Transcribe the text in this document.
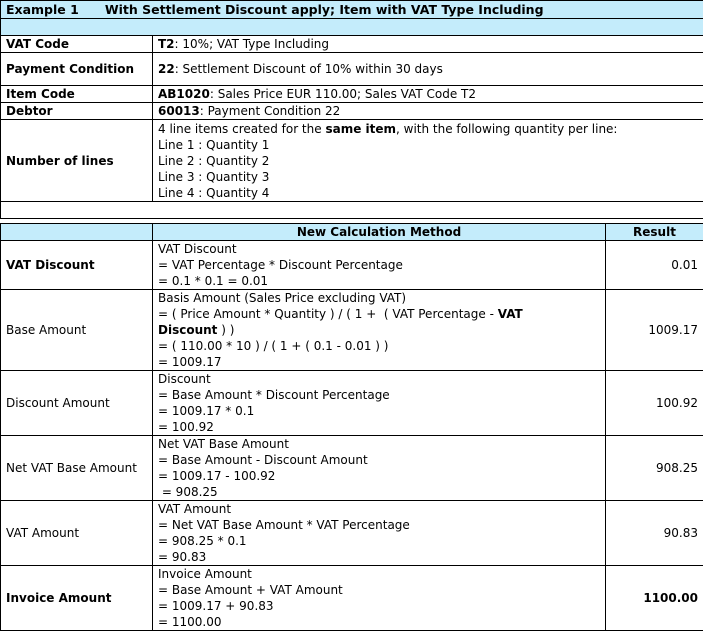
Example 1 With Settlement Discount apply; Item with VAT Type Including	

VAT Code	T2: 10%; VAT Type Including
Payment Condition	22: Settlement Discount of 10% within 30 days
Item Code	AB1020: Sales Price EUR 110.00; Sales VAT Code T2
Debtor	60013: Payment Condition 22
Number of lines	4 line items created for the same item, with the following quantity per line:
Line 1 : Quantity 1
Line 2 : Quantity 2
Line 3 : Quantity 3
Line 4 : Quantity 4

	New Calculation Method	Result
VAT Discount	VAT Discount
= VAT Percentage * Discount Percentage
= 0.1 * 0.1 = 0.01	0.01
Base Amount	Basis Amount (Sales Price excluding VAT)
= ( Price Amount * Quantity ) / ( 1 +  ( VAT Percentage - VAT
Discount ) )
= ( 110.00 * 10 ) / ( 1 + ( 0.1 - 0.01 ) )
= 1009.17	1009.17
Discount Amount	Discount
= Base Amount * Discount Percentage
= 1009.17 * 0.1
= 100.92	100.92
Net VAT Base Amount	Net VAT Base Amount
= Base Amount - Discount Amount
= 1009.17 - 100.92
= 908.25	908.25
VAT Amount	VAT Amount
= Net VAT Base Amount * VAT Percentage
= 908.25 * 0.1
= 90.83	90.83
Invoice Amount	Invoice Amount
= Base Amount + VAT Amount
= 1009.17 + 90.83
= 1100.00	1100.00
